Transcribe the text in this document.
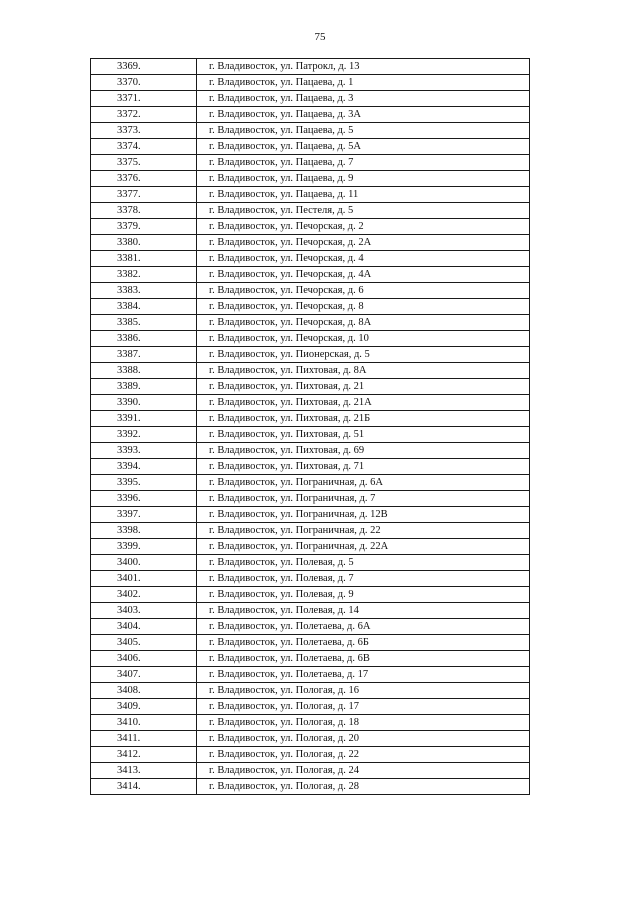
75
3369.	г. Владивосток, ул. Патрокл, д. 13
3370.	г. Владивосток, ул. Пацаева, д. 1
3371.	г. Владивосток, ул. Пацаева, д. 3
3372.	г. Владивосток, ул. Пацаева, д. 3А
3373.	г. Владивосток, ул. Пацаева, д. 5
3374.	г. Владивосток, ул. Пацаева, д. 5А
3375.	г. Владивосток, ул. Пацаева, д. 7
3376.	г. Владивосток, ул. Пацаева, д. 9
3377.	г. Владивосток, ул. Пацаева, д. 11
3378.	г. Владивосток, ул. Пестеля, д. 5
3379.	г. Владивосток, ул. Печорская, д. 2
3380.	г. Владивосток, ул. Печорская, д. 2А
3381.	г. Владивосток, ул. Печорская, д. 4
3382.	г. Владивосток, ул. Печорская, д. 4А
3383.	г. Владивосток, ул. Печорская, д. 6
3384.	г. Владивосток, ул. Печорская, д. 8
3385.	г. Владивосток, ул. Печорская, д. 8А
3386.	г. Владивосток, ул. Печорская, д. 10
3387.	г. Владивосток, ул. Пионерская, д. 5
3388.	г. Владивосток, ул. Пихтовая, д. 8А
3389.	г. Владивосток, ул. Пихтовая, д. 21
3390.	г. Владивосток, ул. Пихтовая, д. 21А
3391.	г. Владивосток, ул. Пихтовая, д. 21Б
3392.	г. Владивосток, ул. Пихтовая, д. 51
3393.	г. Владивосток, ул. Пихтовая, д. 69
3394.	г. Владивосток, ул. Пихтовая, д. 71
3395.	г. Владивосток, ул. Пограничная, д. 6А
3396.	г. Владивосток, ул. Пограничная, д. 7
3397.	г. Владивосток, ул. Пограничная, д. 12В
3398.	г. Владивосток, ул. Пограничная, д. 22
3399.	г. Владивосток, ул. Пограничная, д. 22А
3400.	г. Владивосток, ул. Полевая, д. 5
3401.	г. Владивосток, ул. Полевая, д. 7
3402.	г. Владивосток, ул. Полевая, д. 9
3403.	г. Владивосток, ул. Полевая, д. 14
3404.	г. Владивосток, ул. Полетаева, д. 6А
3405.	г. Владивосток, ул. Полетаева, д. 6Б
3406.	г. Владивосток, ул. Полетаева, д. 6В
3407.	г. Владивосток, ул. Полетаева, д. 17
3408.	г. Владивосток, ул. Пологая, д. 16
3409.	г. Владивосток, ул. Пологая, д. 17
3410.	г. Владивосток, ул. Пологая, д. 18
3411.	г. Владивосток, ул. Пологая, д. 20
3412.	г. Владивосток, ул. Пологая, д. 22
3413.	г. Владивосток, ул. Пологая, д. 24
3414.	г. Владивосток, ул. Пологая, д. 28
